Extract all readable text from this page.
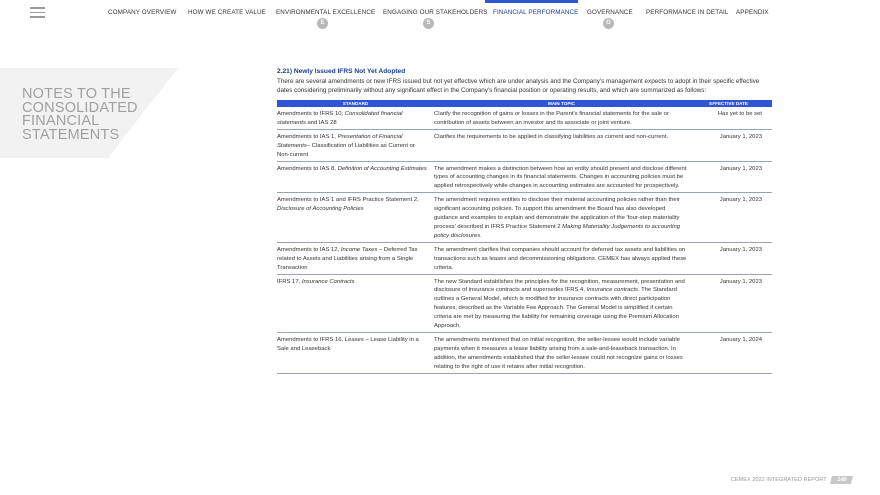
COMPANY OVERVIEW HOW WE CREATE VALUE ENVIRONMENTAL EXCELLENCE ENGAGING OUR STAKEHOLDERS FINANCIAL PERFORMANCE GOVERNANCE PERFORMANCE IN DETAIL APPENDIX
E	S	G
NOTES TO THE
CONSOLIDATED
FINANCIAL
STATEMENTS
2.21) Newly Issued IFRS Not Yet Adopted
There are several amendments or new IFRS issued but not yet effective which are under analysis and the Company's management expects to adopt in their specific effective dates considering preliminarily without any significant effect in the Company's financial position or operating results, and which are summarized as follows:
STANDARD	MAIN TOPIC	EFFECTIVE DATE
Amendments to IFRS 10, Consolidated financial statements and IAS 28	Clarify the recognition of gains or losses in the Parent's financial statements for the sale or contribution of assets between an investor and its associate or joint venture.	Has yet to be set
Amendments to IAS 1, Presentation of Financial Statements– Classification of Liabilities as Current or Non-current	Clarifies the requirements to be applied in classifying liabilities as current and non-current.	January 1, 2023
Amendments to IAS 8, Definition of Accounting Estimates	The amendment makes a distinction between how an entity should present and disclose different types of accounting changes in its financial statements. Changes in accounting policies must be applied retrospectively while changes in accounting estimates are accounted for prospectively.	January 1, 2023
Amendments to IAS 1 and IFRS Practice Statement 2, Disclosure of Accounting Policies	The amendment requires entities to disclose their material accounting policies rather than their significant accounting policies. To support this amendment the Board has also developed guidance and examples to explain and demonstrate the application of the 'four-step materiality process' described in IFRS Practice Statement 2 Making Materiality Judgements to accounting policy disclosures.	January 1, 2023
Amendments to IAS 12, Income Taxes – Deferred Tax related to Assets and Liabilities arising from a Single Transaction	The amendment clarifies that companies should account for deferred tax assets and liabilities on transactions such as leases and decommissioning obligations. CEMEX has always applied these criteria.	January 1, 2023
IFRS 17, Insurance Contracts	The new Standard establishes the principles for the recognition, measurement, presentation and disclosure of insurance contracts and supersedes IFRS 4, Insurance contracts. The Standard outlines a General Model, which is modified for insurance contracts with direct participation features, described as the Variable Fee Approach. The General Model is simplified if certain criteria are met by measuring the liability for remaining coverage using the Premium Allocation Approach.	January 1, 2023
Amendments to IFRS 16, Leases – Lease Liability in a Sale and Leaseback	The amendments mentioned that on initial recognition, the seller-lessee would include variable payments when it measures a lease liability arising from a sale-and-leaseback transaction. In addition, the amendments established that the seller-lessee could not recognize gains or losses relating to the right of use it retains after initial recognition.	January 1, 2024
CEMEX 2022 INTEGRATED REPORT 146
